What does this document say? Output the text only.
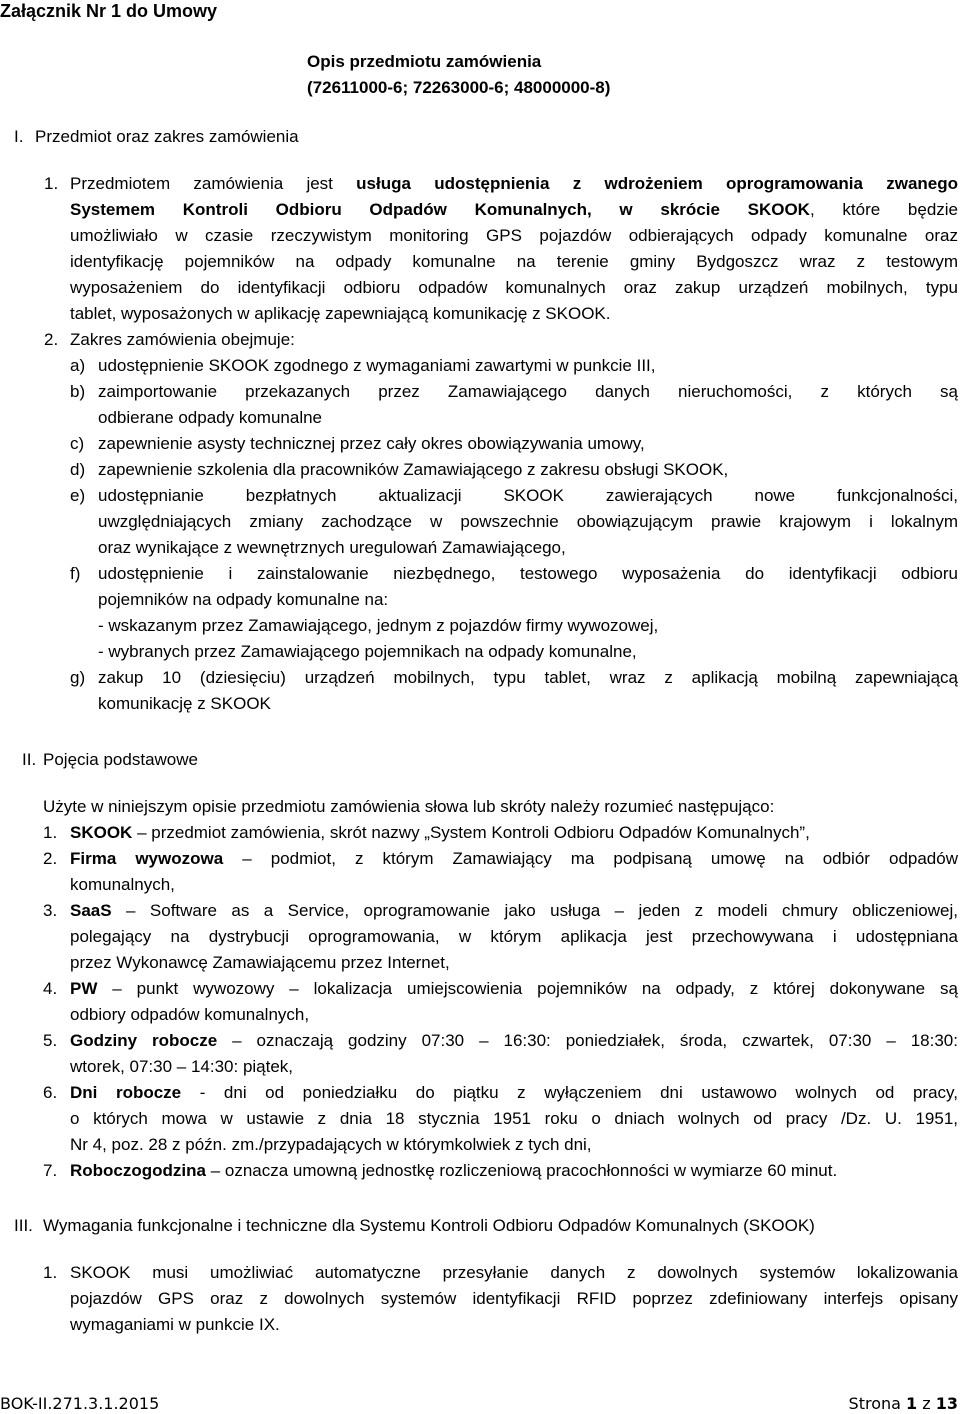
Załącznik Nr 1 do Umowy
Opis przedmiotu zamówienia
(72611000-6; 72263000-6; 48000000-8)
I. Przedmiot oraz zakres zamówienia
1. Przedmiotem zamówienia jest usługa udostępnienia z wdrożeniem oprogramowania zwanego
Systemem Kontroli Odbioru Odpadów Komunalnych, w skrócie SKOOK, które będzie
umożliwiało w czasie rzeczywistym monitoring GPS pojazdów odbierających odpady komunalne oraz
identyfikację pojemników na odpady komunalne na terenie gminy Bydgoszcz wraz z testowym
wyposażeniem do identyfikacji odbioru odpadów komunalnych oraz zakup urządzeń mobilnych, typu
tablet, wyposażonych w aplikację zapewniającą komunikację z SKOOK.
2. Zakres zamówienia obejmuje:
a) udostępnienie SKOOK zgodnego z wymaganiami zawartymi w punkcie III,
b) zaimportowanie przekazanych przez Zamawiającego danych nieruchomości, z których są
odbierane odpady komunalne
c) zapewnienie asysty technicznej przez cały okres obowiązywania umowy,
d) zapewnienie szkolenia dla pracowników Zamawiającego z zakresu obsługi SKOOK,
e) udostępnianie bezpłatnych aktualizacji SKOOK zawierających nowe funkcjonalności,
uwzględniających zmiany zachodzące w powszechnie obowiązującym prawie krajowym i lokalnym
oraz wynikające z wewnętrznych uregulowań Zamawiającego,
f) udostępnienie i zainstalowanie niezbędnego, testowego wyposażenia do identyfikacji odbioru
pojemników na odpady komunalne na:
- wskazanym przez Zamawiającego, jednym z pojazdów firmy wywozowej,
- wybranych przez Zamawiającego pojemnikach na odpady komunalne,
g) zakup 10 (dziesięciu) urządzeń mobilnych, typu tablet, wraz z aplikacją mobilną zapewniającą
komunikację z SKOOK
II. Pojęcia podstawowe
Użyte w niniejszym opisie przedmiotu zamówienia słowa lub skróty należy rozumieć następująco:
1. SKOOK – przedmiot zamówienia, skrót nazwy „System Kontroli Odbioru Odpadów Komunalnych”,
2. Firma wywozowa – podmiot, z którym Zamawiający ma podpisaną umowę na odbiór odpadów
komunalnych,
3. SaaS – Software as a Service, oprogramowanie jako usługa – jeden z modeli chmury obliczeniowej,
polegający na dystrybucji oprogramowania, w którym aplikacja jest przechowywana i udostępniana
przez Wykonawcę Zamawiającemu przez Internet,
4. PW – punkt wywozowy – lokalizacja umiejscowienia pojemników na odpady, z której dokonywane są
odbiory odpadów komunalnych,
5. Godziny robocze – oznaczają godziny 07:30 – 16:30: poniedziałek, środa, czwartek, 07:30 – 18:30:
wtorek, 07:30 – 14:30: piątek,
6. Dni robocze - dni od poniedziałku do piątku z wyłączeniem dni ustawowo wolnych od pracy,
o których mowa w ustawie z dnia 18 stycznia 1951 roku o dniach wolnych od pracy /Dz. U. 1951,
Nr 4, poz. 28 z późn. zm./przypadających w którymkolwiek z tych dni,
7. Roboczogodzina – oznacza umowną jednostkę rozliczeniową pracochłonności w wymiarze 60 minut.
III. Wymagania funkcjonalne i techniczne dla Systemu Kontroli Odbioru Odpadów Komunalnych (SKOOK)
1. SKOOK musi umożliwiać automatyczne przesyłanie danych z dowolnych systemów lokalizowania
pojazdów GPS oraz z dowolnych systemów identyfikacji RFID poprzez zdefiniowany interfejs opisany
wymaganiami w punkcie IX.
BOK-II.271.3.1.2015	Strona 1 z 13
